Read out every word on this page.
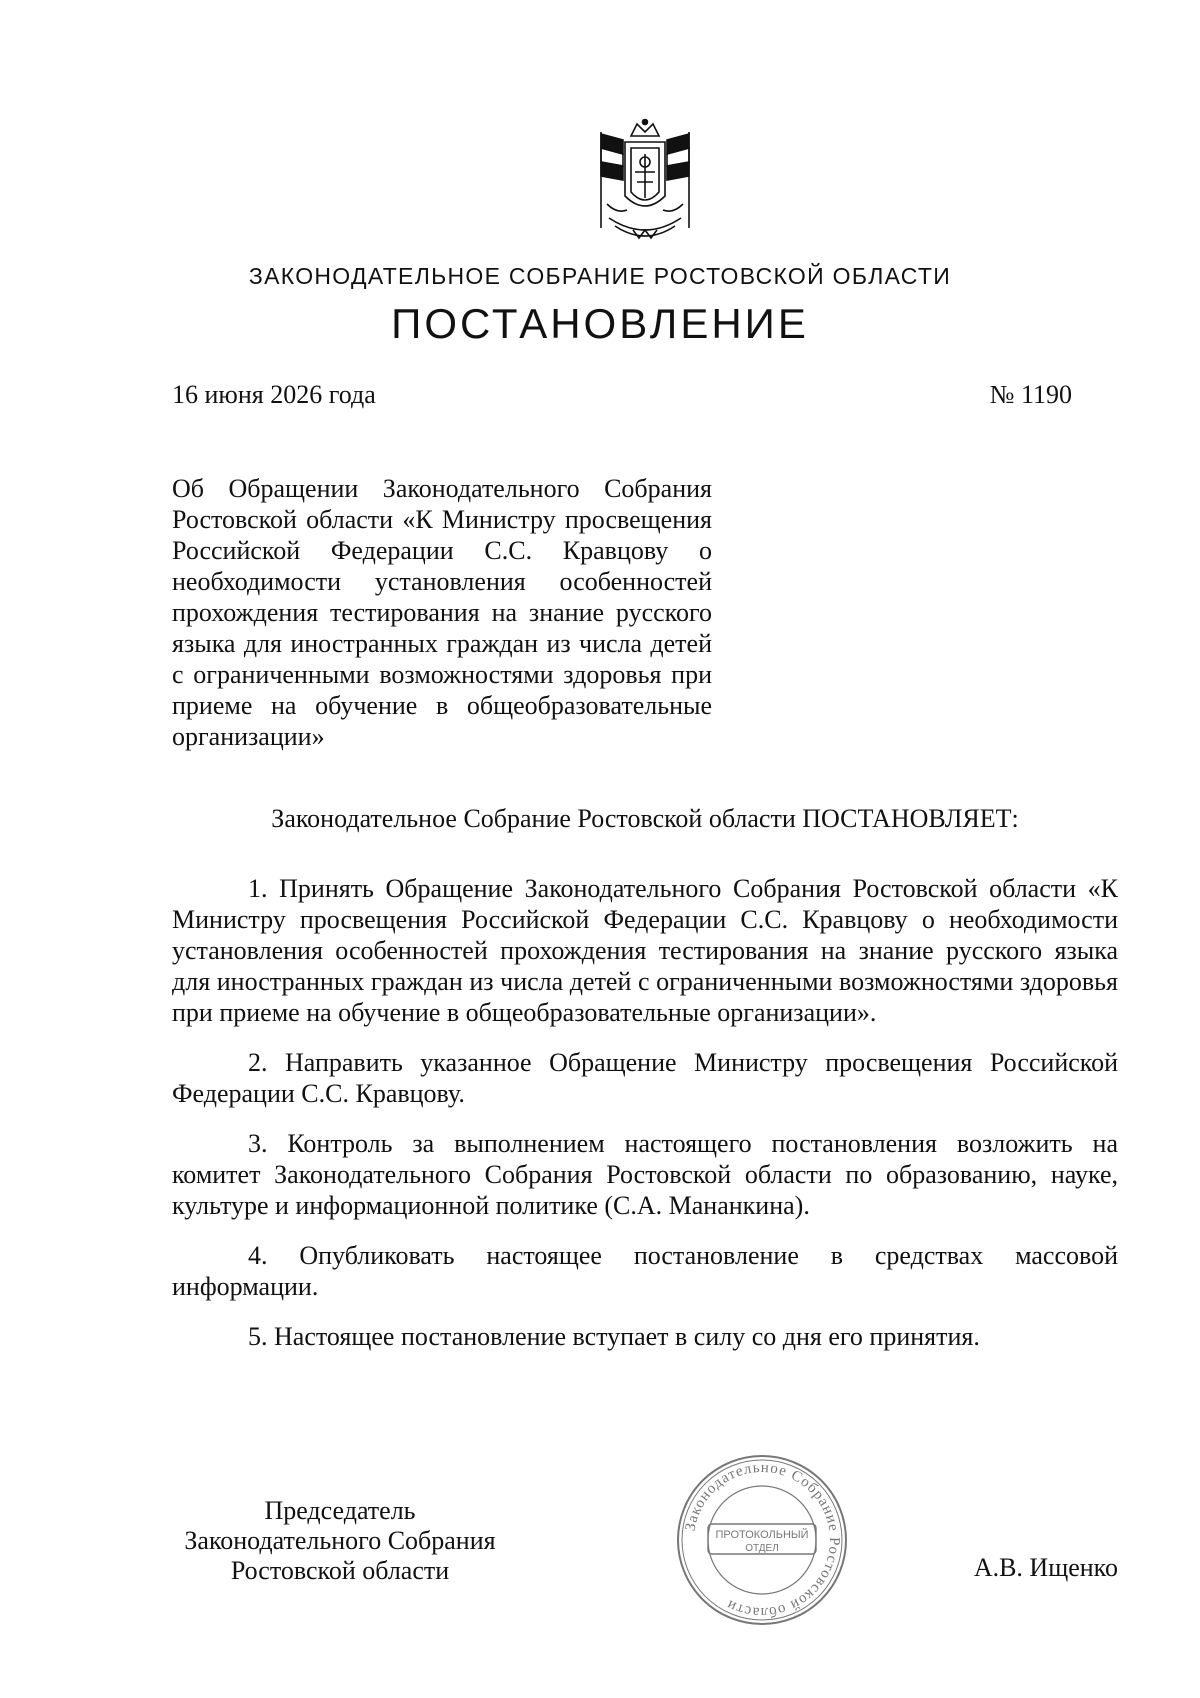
ЗАКОНОДАТЕЛЬНОЕ СОБРАНИЕ РОСТОВСКОЙ ОБЛАСТИ
ПОСТАНОВЛЕНИЕ
16 июня 2026 года	№ 1190
Об Обращении Законодательного Собрания Ростовской области «К Министру просвещения Российской Федерации С.С. Кравцову о необходимости установления особенностей прохождения тестирования на знание русского языка для иностранных граждан из числа детей с ограниченными возможностями здоровья при приеме на обучение в общеобразовательные организации»
Законодательное Собрание Ростовской области ПОСТАНОВЛЯЕТ:

1. Принять Обращение Законодательного Собрания Ростовской области «К Министру просвещения Российской Федерации С.С. Кравцову о необходимости установления особенностей прохождения тестирования на знание русского языка для иностранных граждан из числа детей с ограниченными возможностями здоровья при приеме на обучение в общеобразовательные организации».

2. Направить указанное Обращение Министру просвещения Российской Федерации С.С. Кравцову.

3. Контроль за выполнением настоящего постановления возложить на комитет Законодательного Собрания Ростовской области по образованию, науке, культуре и информационной политике (С.А. Мананкина).

4. Опубликовать настоящее постановление в средствах массовой информации.

5. Настоящее постановление вступает в силу со дня его принятия.

Председатель
Законодательного Собрания
Ростовской области
Законодательное Собрание Ростовской области
ПРОТОКОЛЬНЫЙ
ОТДЕЛ
А.В. Ищенко
